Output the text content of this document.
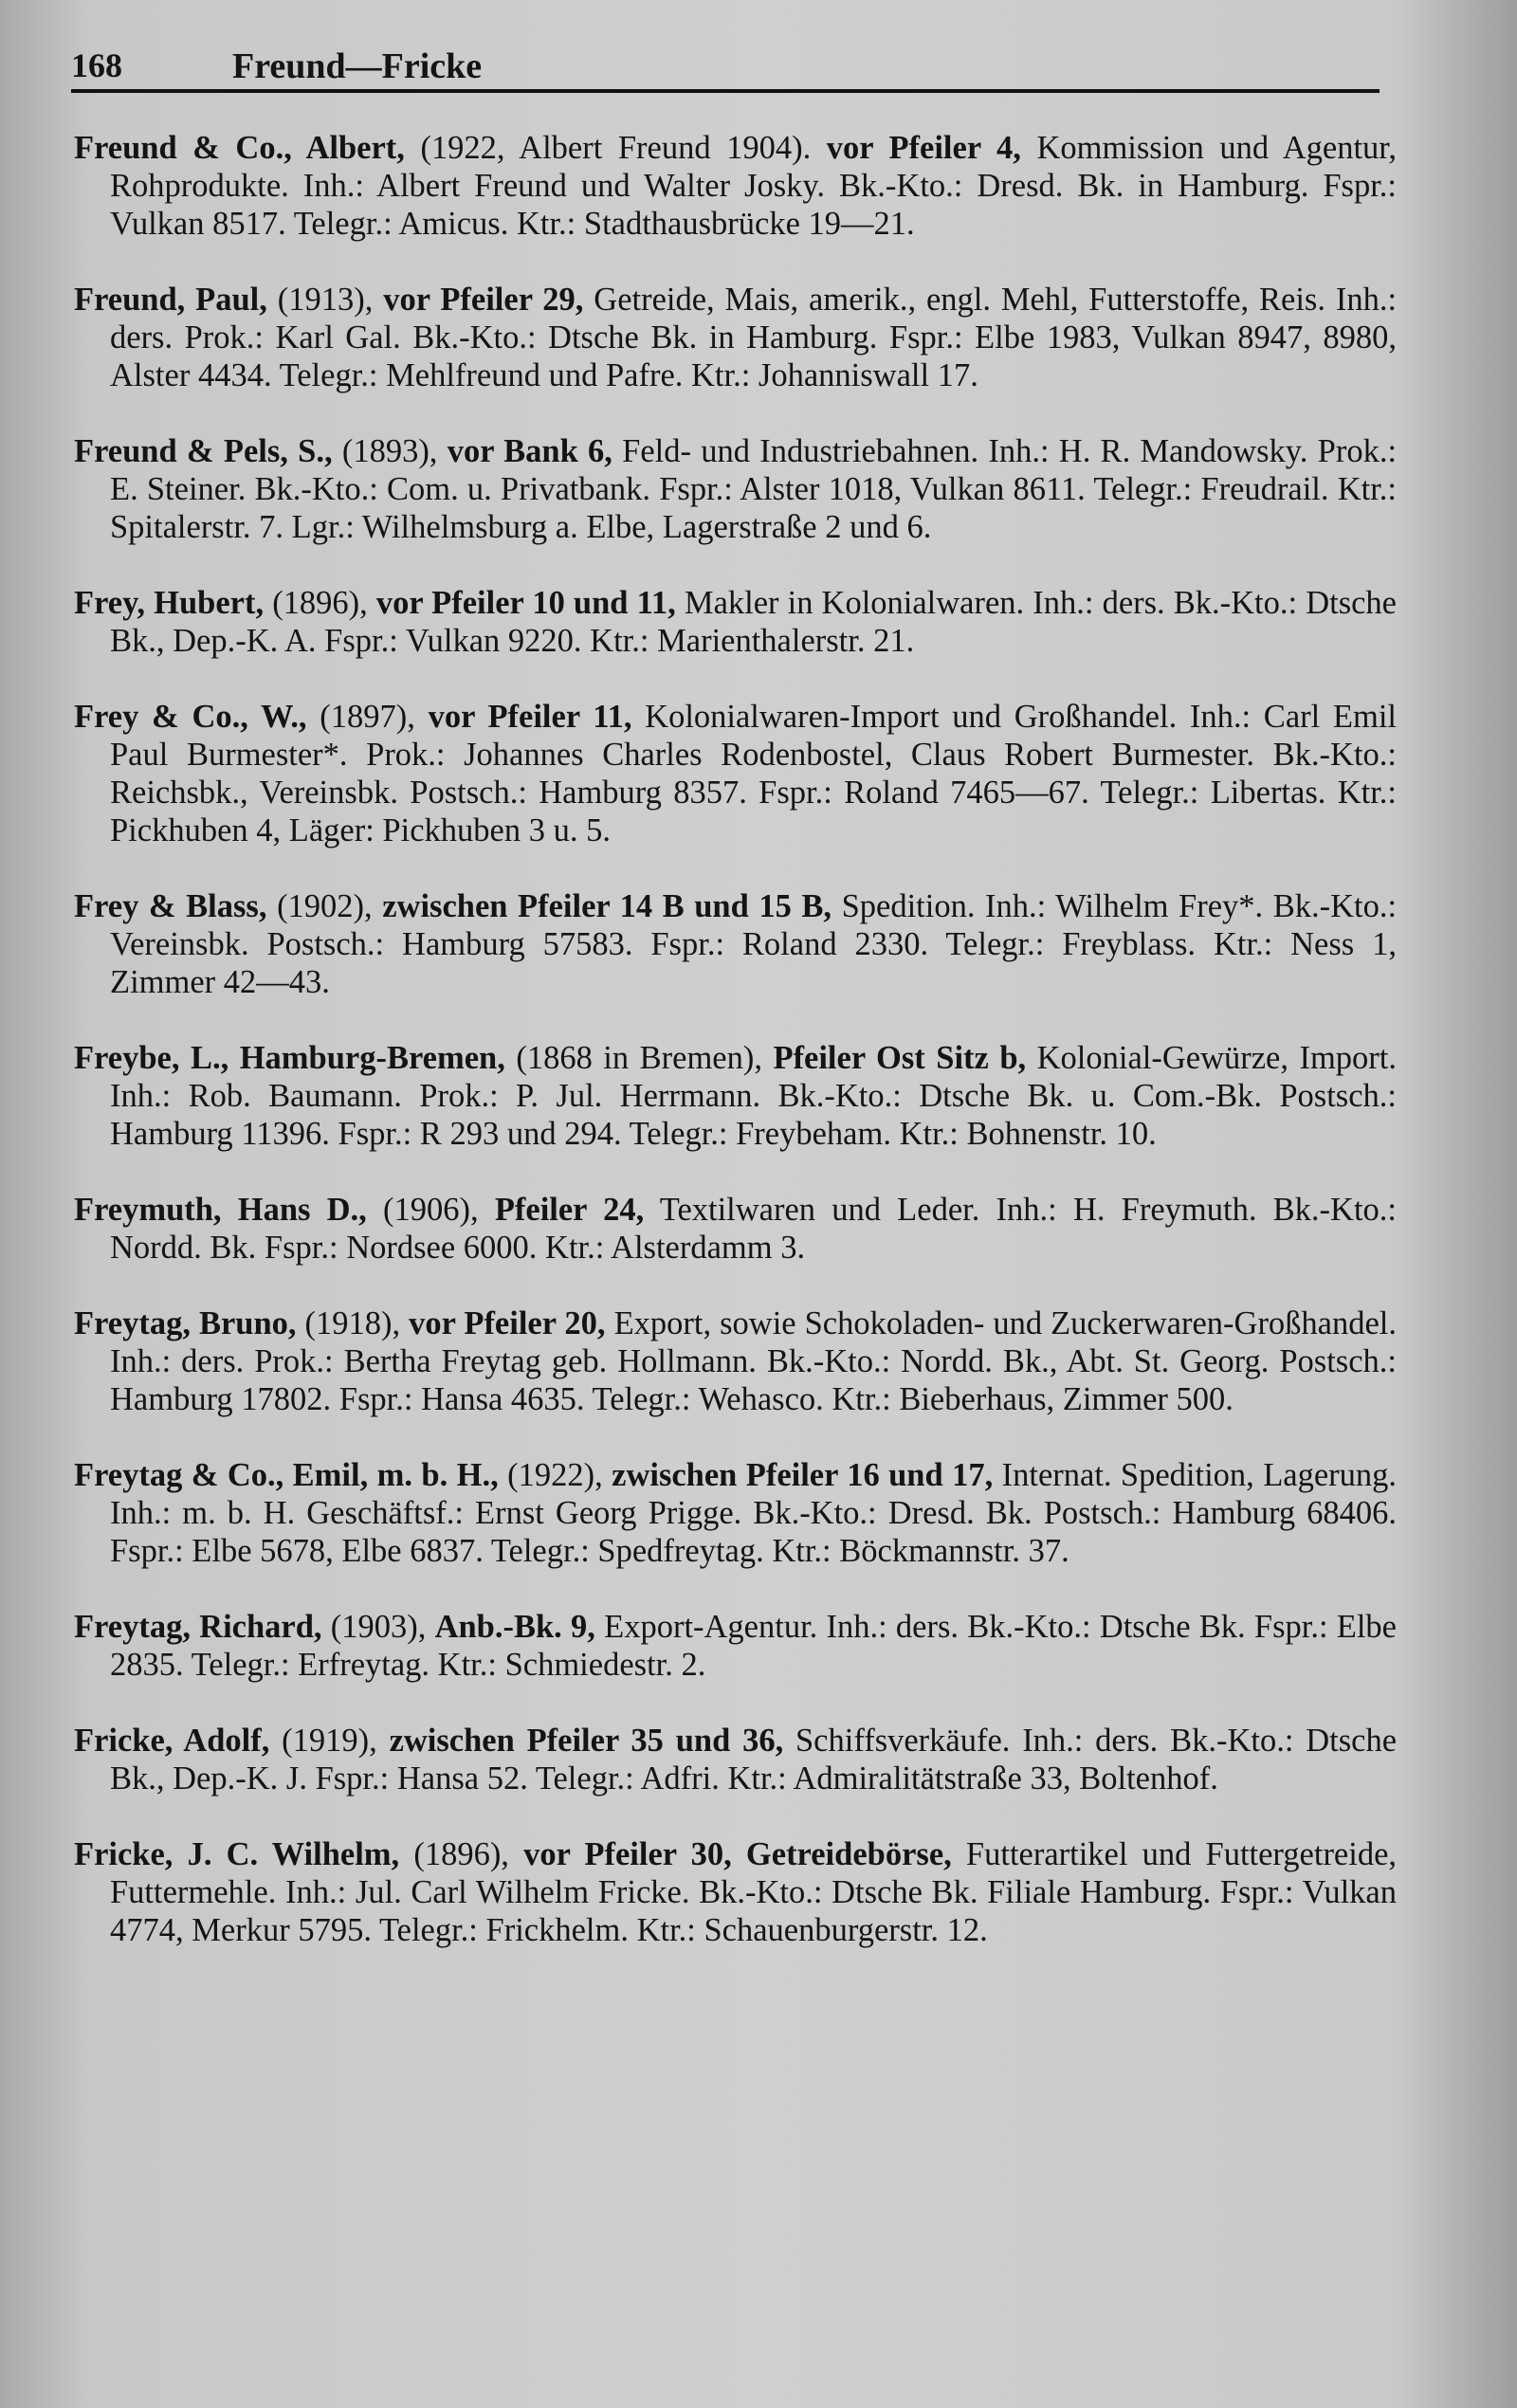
168	Freund—Fricke
Freund & Co., Albert, (1922, Albert Freund 1904). vor Pfeiler 4, Kommission und Agentur, Rohprodukte. Inh.: Albert Freund und Walter Josky. Bk.-Kto.: Dresd. Bk. in Hamburg. Fspr.: Vulkan 8517. Telegr.: Amicus. Ktr.: Stadthausbrücke 19—21.
Freund, Paul, (1913), vor Pfeiler 29, Getreide, Mais, amerik., engl. Mehl, Futterstoffe, Reis. Inh.: ders. Prok.: Karl Gal. Bk.-Kto.: Dtsche Bk. in Hamburg. Fspr.: Elbe 1983, Vulkan 8947, 8980, Alster 4434. Telegr.: Mehlfreund und Pafre. Ktr.: Johanniswall 17.
Freund & Pels, S., (1893), vor Bank 6, Feld- und Industriebahnen. Inh.: H. R. Mandowsky. Prok.: E. Steiner. Bk.-Kto.: Com. u. Privatbank. Fspr.: Alster 1018, Vulkan 8611. Telegr.: Freudrail. Ktr.: Spitalerstr. 7. Lgr.: Wilhelmsburg a. Elbe, Lagerstraße 2 und 6.
Frey, Hubert, (1896), vor Pfeiler 10 und 11, Makler in Kolonialwaren. Inh.: ders. Bk.-Kto.: Dtsche Bk., Dep.-K. A. Fspr.: Vulkan 9220. Ktr.: Marienthalerstr. 21.
Frey & Co., W., (1897), vor Pfeiler 11, Kolonialwaren-Import und Großhandel. Inh.: Carl Emil Paul Burmester*. Prok.: Johannes Charles Rodenbostel, Claus Robert Burmester. Bk.-Kto.: Reichsbk., Vereinsbk. Postsch.: Hamburg 8357. Fspr.: Roland 7465—67. Telegr.: Libertas. Ktr.: Pickhuben 4, Läger: Pickhuben 3 u. 5.
Frey & Blass, (1902), zwischen Pfeiler 14 B und 15 B, Spedition. Inh.: Wilhelm Frey*. Bk.-Kto.: Vereinsbk. Postsch.: Hamburg 57583. Fspr.: Roland 2330. Telegr.: Freyblass. Ktr.: Ness 1, Zimmer 42—43.
Freybe, L., Hamburg-Bremen, (1868 in Bremen), Pfeiler Ost Sitz b, Kolonial-Gewürze, Import. Inh.: Rob. Baumann. Prok.: P. Jul. Herrmann. Bk.-Kto.: Dtsche Bk. u. Com.-Bk. Postsch.: Hamburg 11396. Fspr.: R 293 und 294. Telegr.: Freybeham. Ktr.: Bohnenstr. 10.
Freymuth, Hans D., (1906), Pfeiler 24, Textilwaren und Leder. Inh.: H. Freymuth. Bk.-Kto.: Nordd. Bk. Fspr.: Nordsee 6000. Ktr.: Alsterdamm 3.
Freytag, Bruno, (1918), vor Pfeiler 20, Export, sowie Schokoladen- und Zuckerwaren-Großhandel. Inh.: ders. Prok.: Bertha Freytag geb. Hollmann. Bk.-Kto.: Nordd. Bk., Abt. St. Georg. Postsch.: Hamburg 17802. Fspr.: Hansa 4635. Telegr.: Wehasco. Ktr.: Bieberhaus, Zimmer 500.
Freytag & Co., Emil, m. b. H., (1922), zwischen Pfeiler 16 und 17, Internat. Spedition, Lagerung. Inh.: m. b. H. Geschäftsf.: Ernst Georg Prigge. Bk.-Kto.: Dresd. Bk. Postsch.: Hamburg 68406. Fspr.: Elbe 5678, Elbe 6837. Telegr.: Spedfreytag. Ktr.: Böckmannstr. 37.
Freytag, Richard, (1903), Anb.-Bk. 9, Export-Agentur. Inh.: ders. Bk.-Kto.: Dtsche Bk. Fspr.: Elbe 2835. Telegr.: Erfreytag. Ktr.: Schmiedestr. 2.
Fricke, Adolf, (1919), zwischen Pfeiler 35 und 36, Schiffsverkäufe. Inh.: ders. Bk.-Kto.: Dtsche Bk., Dep.-K. J. Fspr.: Hansa 52. Telegr.: Adfri. Ktr.: Admiralitätstraße 33, Boltenhof.
Fricke, J. C. Wilhelm, (1896), vor Pfeiler 30, Getreidebörse, Futterartikel und Futtergetreide, Futtermehle. Inh.: Jul. Carl Wilhelm Fricke. Bk.-Kto.: Dtsche Bk. Filiale Hamburg. Fspr.: Vulkan 4774, Merkur 5795. Telegr.: Frickhelm. Ktr.: Schauenburgerstr. 12.
